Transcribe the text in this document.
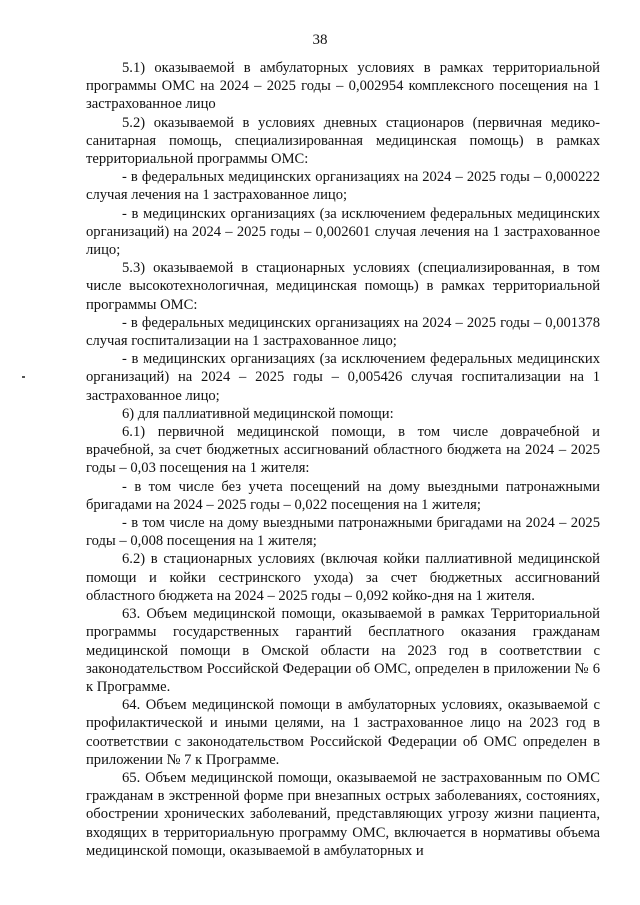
38

5.1) оказываемой в амбулаторных условиях в рамках территориальной программы ОМС на 2024 – 2025 годы – 0,002954 комплексного посещения на 1 застрахованное лицо

5.2) оказываемой в условиях дневных стационаров (первичная медико-санитарная помощь, специализированная медицинская помощь) в рамках территориальной программы ОМС:

- в федеральных медицинских организациях на 2024 – 2025 годы – 0,000222 случая лечения на 1 застрахованное лицо;

- в медицинских организациях (за исключением федеральных медицинских организаций) на 2024 – 2025 годы – 0,002601 случая лечения на 1 застрахованное лицо;

5.3) оказываемой в стационарных условиях (специализированная, в том числе высокотехнологичная, медицинская помощь) в рамках территориальной программы ОМС:

- в федеральных медицинских организациях на 2024 – 2025 годы – 0,001378 случая госпитализации на 1 застрахованное лицо;

- в медицинских организациях (за исключением федеральных медицинских организаций) на 2024 – 2025 годы – 0,005426 случая госпитализации на 1 застрахованное лицо;

6) для паллиативной медицинской помощи:

6.1) первичной медицинской помощи, в том числе доврачебной и врачебной, за счет бюджетных ассигнований областного бюджета на 2024 – 2025 годы – 0,03 посещения на 1 жителя:

- в том числе без учета посещений на дому выездными патронажными бригадами на 2024 – 2025 годы – 0,022 посещения на 1 жителя;

- в том числе на дому выездными патронажными бригадами на 2024 – 2025 годы – 0,008 посещения на 1 жителя;

6.2) в стационарных условиях (включая койки паллиативной медицинской помощи и койки сестринского ухода) за счет бюджетных ассигнований областного бюджета на 2024 – 2025 годы – 0,092 койко-дня на 1 жителя.

63. Объем медицинской помощи, оказываемой в рамках Территориальной программы государственных гарантий бесплатного оказания гражданам медицинской помощи в Омской области на 2023 год в соответствии с законодательством Российской Федерации об ОМС, определен в приложении № 6 к Программе.

64. Объем медицинской помощи в амбулаторных условиях, оказываемой с профилактической и иными целями, на 1 застрахованное лицо на 2023 год в соответствии с законодательством Российской Федерации об ОМС определен в приложении № 7 к Программе.

65. Объем медицинской помощи, оказываемой не застрахованным по ОМС гражданам в экстренной форме при внезапных острых заболеваниях, состояниях, обострении хронических заболеваний, представляющих угрозу жизни пациента, входящих в территориальную программу ОМС, включается в нормативы объема медицинской помощи, оказываемой в амбулаторных и
